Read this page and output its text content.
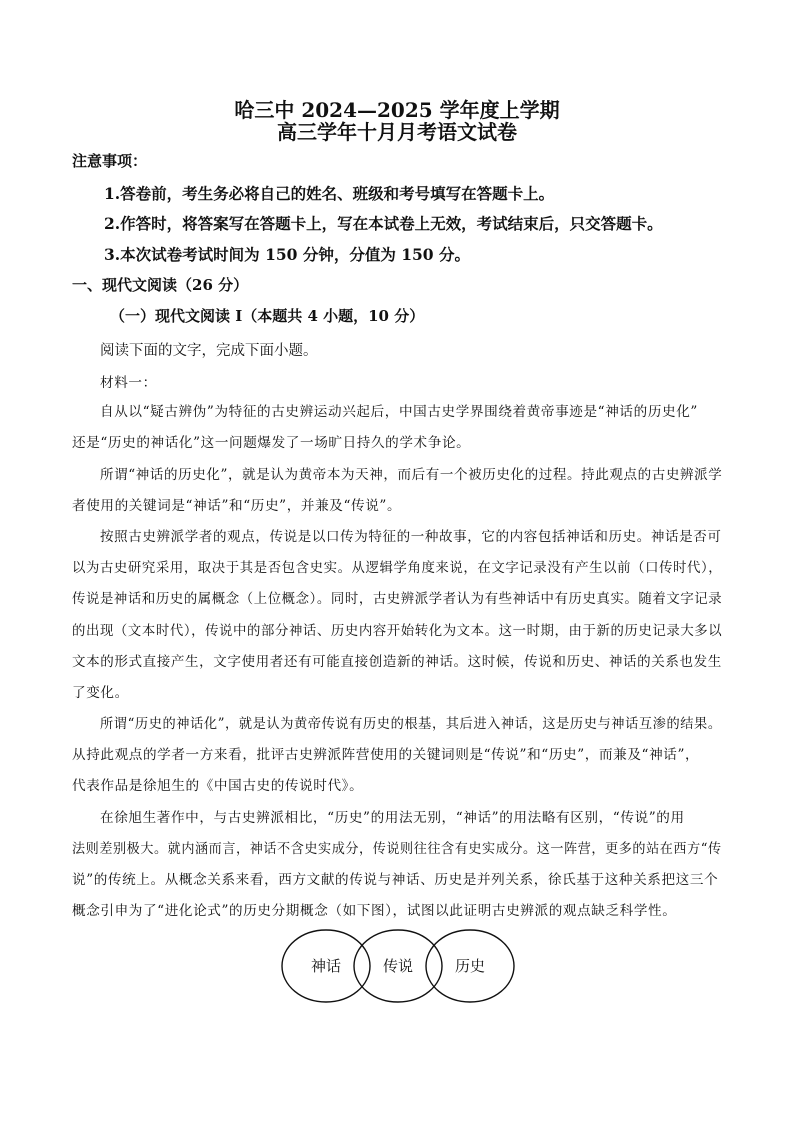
哈三中 2024—2025 学年度上学期
高三学年十月月考语文试卷
注意事项：
1.答卷前，考生务必将自己的姓名、班级和考号填写在答题卡上。
2.作答时，将答案写在答题卡上，写在本试卷上无效，考试结束后，只交答题卡。
3.本次试卷考试时间为 150 分钟，分值为 150 分。
一、现代文阅读（26 分）
（一）现代文阅读 I（本题共 4 小题，10 分）
阅读下面的文字，完成下面小题。
材料一：
自从以“疑古辨伪”为特征的古史辨运动兴起后，中国古史学界围绕着黄帝事迹是“神话的历史化”
还是“历史的神话化”这一问题爆发了一场旷日持久的学术争论。
所谓“神话的历史化”，就是认为黄帝本为天神，而后有一个被历史化的过程。持此观点的古史辨派学
者使用的关键词是“神话”和“历史”，并兼及“传说”。
按照古史辨派学者的观点，传说是以口传为特征的一种故事，它的内容包括神话和历史。神话是否可
以为古史研究采用，取决于其是否包含史实。从逻辑学角度来说，在文字记录没有产生以前（口传时代），
传说是神话和历史的属概念（上位概念）。同时，古史辨派学者认为有些神话中有历史真实。随着文字记录
的出现（文本时代），传说中的部分神话、历史内容开始转化为文本。这一时期，由于新的历史记录大多以
文本的形式直接产生，文字使用者还有可能直接创造新的神话。这时候，传说和历史、神话的关系也发生
了变化。
所谓“历史的神话化”，就是认为黄帝传说有历史的根基，其后进入神话，这是历史与神话互渗的结果。
从持此观点的学者一方来看，批评古史辨派阵营使用的关键词则是“传说”和“历史”，而兼及“神话”，
代表作品是徐旭生的《中国古史的传说时代》。
在徐旭生著作中，与古史辨派相比，“历史”的用法无别，“神话”的用法略有区别，“传说”的用
法则差别极大。就内涵而言，神话不含史实成分，传说则往往含有史实成分。这一阵营，更多的站在西方“传
说”的传统上。从概念关系来看，西方文献的传说与神话、历史是并列关系，徐氏基于这种关系把这三个
概念引申为了“进化论式”的历史分期概念（如下图），试图以此证明古史辨派的观点缺乏科学性。
神话	传说	历史
